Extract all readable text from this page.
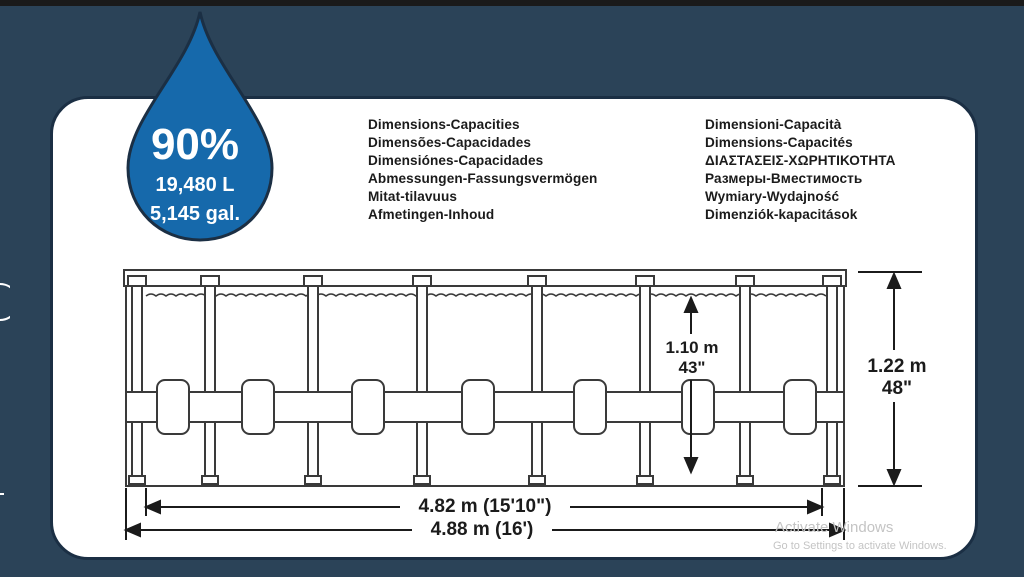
90%
19,480 L
5,145 gal.
Dimensions-Capacities
Dimensões-Capacidades
Dimensiónes-Capacidades
Abmessungen-Fassungsvermögen
Mitat-tilavuus
Afmetingen-Inhoud
Dimensioni-Capacità
Dimensions-Capacités
ΔΙΑΣΤΑΣΕΙΣ-ΧΩΡΗΤΙΚΟΤΗΤΑ
Размеры-Вместимость
Wymiary-Wydajność
Dimenziók-kapacitások
1.10 m
43"	1.22 m
48"
4.82 m (15'10")
4.88 m (16')	Activate Windows
Go to Settings to activate Windows.
